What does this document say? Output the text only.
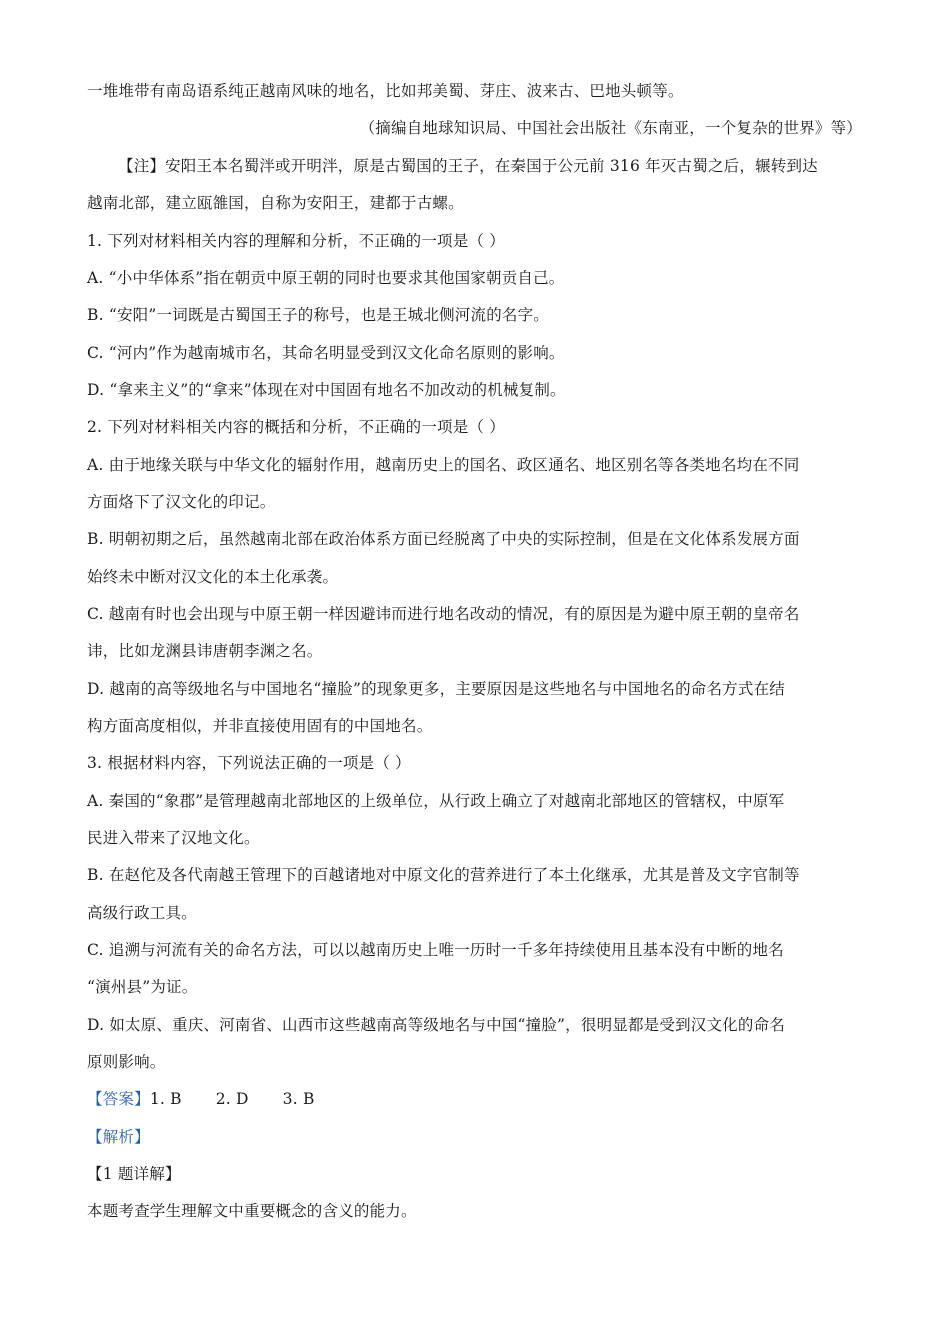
一堆堆带有南岛语系纯正越南风味的地名，比如邦美蜀、芽庄、波来古、巴地头顿等。
（摘编自地球知识局、中国社会出版社《东南亚，一个复杂的世界》等）
【注】安阳王本名蜀泮或开明泮，原是古蜀国的王子，在秦国于公元前 316 年灭古蜀之后，辗转到达
越南北部，建立瓯雒国，自称为安阳王，建都于古螺。
1. 下列对材料相关内容的理解和分析，不正确的一项是（ ）
A. “小中华体系”指在朝贡中原王朝的同时也要求其他国家朝贡自己。
B. “安阳”一词既是古蜀国王子的称号，也是王城北侧河流的名字。
C. “河内”作为越南城市名，其命名明显受到汉文化命名原则的影响。
D. “拿来主义”的“拿来”体现在对中国固有地名不加改动的机械复制。
2. 下列对材料相关内容的概括和分析，不正确的一项是（ ）
A. 由于地缘关联与中华文化的辐射作用，越南历史上的国名、政区通名、地区别名等各类地名均在不同
方面烙下了汉文化的印记。
B. 明朝初期之后，虽然越南北部在政治体系方面已经脱离了中央的实际控制，但是在文化体系发展方面
始终未中断对汉文化的本土化承袭。
C. 越南有时也会出现与中原王朝一样因避讳而进行地名改动的情况，有的原因是为避中原王朝的皇帝名
讳，比如龙渊县讳唐朝李渊之名。
D. 越南的高等级地名与中国地名“撞脸”的现象更多，主要原因是这些地名与中国地名的命名方式在结
构方面高度相似，并非直接使用固有的中国地名。
3. 根据材料内容，下列说法正确的一项是（ ）
A. 秦国的“象郡”是管理越南北部地区的上级单位，从行政上确立了对越南北部地区的管辖权，中原军
民进入带来了汉地文化。
B. 在赵佗及各代南越王管理下的百越诸地对中原文化的营养进行了本土化继承，尤其是普及文字官制等
高级行政工具。
C. 追溯与河流有关的命名方法，可以以越南历史上唯一历时一千多年持续使用且基本没有中断的地名
“演州县”为证。
D. 如太原、重庆、河南省、山西市这些越南高等级地名与中国“撞脸”，很明显都是受到汉文化的命名
原则影响。
【答案】1. B 2. D 3. B
【解析】
【1 题详解】
本题考查学生理解文中重要概念的含义的能力。
